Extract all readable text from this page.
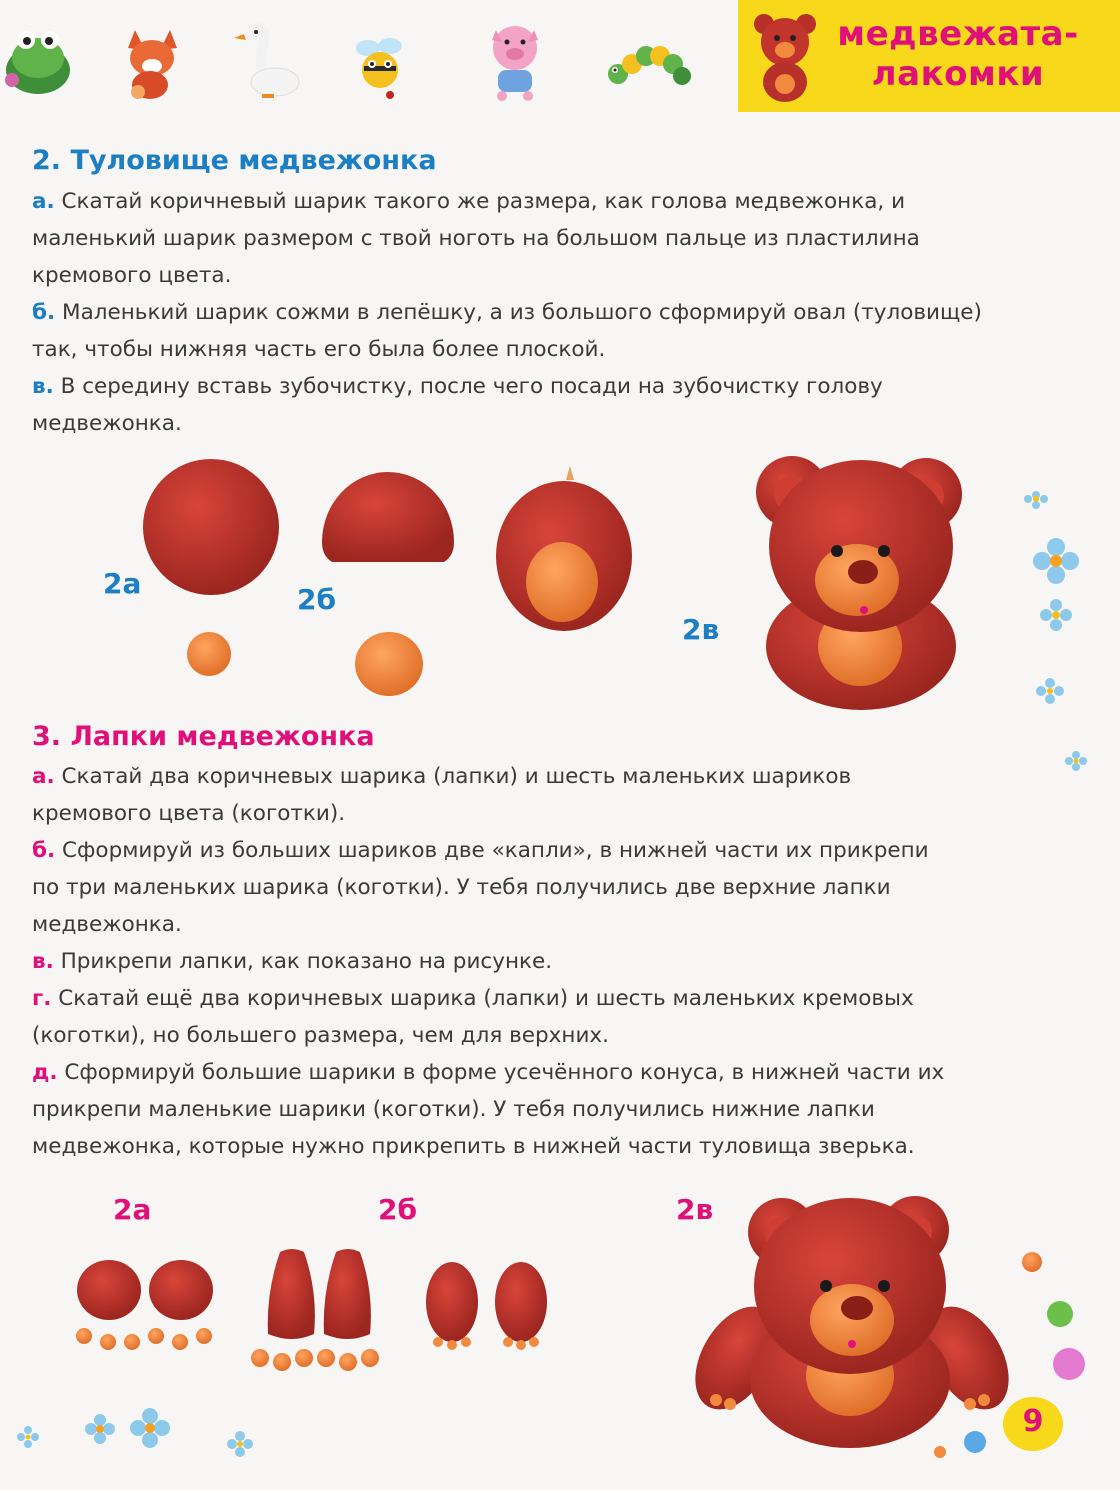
медвежата-
лакомки
2. Туловище медвежонка

а. Скатай коричневый шарик такого же размера, как голова медвежонка, и маленький шарик размером с твой ноготь на большом пальце из пластилина кремового цвета.

б. Маленький шарик сожми в лепёшку, а из большого сформируй овал (туловище) так, чтобы нижняя часть его была более плоской.

в. В середину вставь зубочистку, после чего посади на зубочистку голову медвежонка.

2а	2б
2в
3. Лапки медвежонка

а. Скатай два коричневых шарика (лапки) и шесть маленьких шариков кремового цвета (коготки).

б. Сформируй из больших шариков две «капли», в нижней части их прикрепи по три маленьких шарика (коготки). У тебя получились две верхние лапки медвежонка.

в. Прикрепи лапки, как показано на рисунке.

г. Скатай ещё два коричневых шарика (лапки) и шесть маленьких кремовых (коготки), но большего размера, чем для верхних.

д. Сформируй большие шарики в форме усечённого конуса, в нижней части их прикрепи маленькие шарики (коготки). У тебя получились нижние лапки медвежонка, которые нужно прикрепить в нижней части туловища зверька.

2а	2б	2в
9
